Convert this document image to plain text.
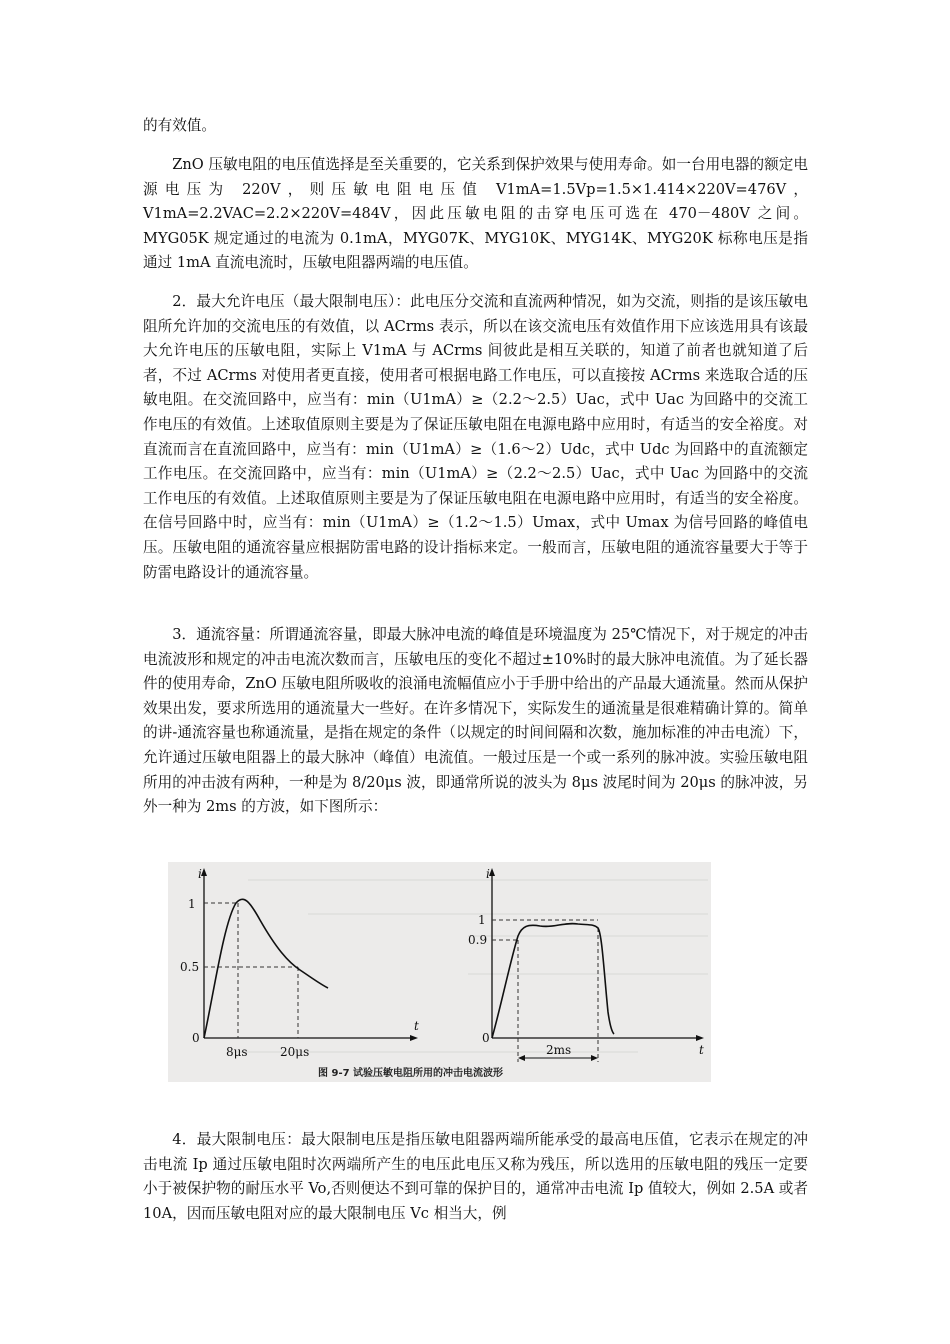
的有效值。

ZnO 压敏电阻的电压值选择是至关重要的，它关系到保护效果与使用寿命。如一台用电器的额定电源电压为 220V，则压敏电阻电压值 V1mA=1.5Vp=1.5×1.414×220V=476V，V1mA=2.2VAC=2.2×220V=484V，因此压敏电阻的击穿电压可选在 470－480V 之间。MYG05K 规定通过的电流为 0.1mA，MYG07K、MYG10K、MYG14K、MYG20K 标称电压是指通过 1mA 直流电流时，压敏电阻器两端的电压值。

2．最大允许电压（最大限制电压）：此电压分交流和直流两种情况，如为交流，则指的是该压敏电阻所允许加的交流电压的有效值，以 ACrms 表示，所以在该交流电压有效值作用下应该选用具有该最大允许电压的压敏电阻，实际上 V1mA 与 ACrms 间彼此是相互关联的，知道了前者也就知道了后者，不过 ACrms 对使用者更直接，使用者可根据电路工作电压，可以直接按 ACrms 来选取合适的压敏电阻。在交流回路中，应当有：min（U1mA）≥（2.2～2.5）Uac，式中 Uac 为回路中的交流工作电压的有效值。上述取值原则主要是为了保证压敏电阻在电源电路中应用时，有适当的安全裕度。对直流而言在直流回路中，应当有：min（U1mA）≥（1.6～2）Udc，式中 Udc 为回路中的直流额定工作电压。在交流回路中，应当有：min（U1mA）≥（2.2～2.5）Uac，式中 Uac 为回路中的交流工作电压的有效值。上述取值原则主要是为了保证压敏电阻在电源电路中应用时，有适当的安全裕度。在信号回路中时，应当有：min（U1mA）≥（1.2～1.5）Umax，式中 Umax 为信号回路的峰值电压。压敏电阻的通流容量应根据防雷电路的设计指标来定。一般而言，压敏电阻的通流容量要大于等于防雷电路设计的通流容量。

3．通流容量：所谓通流容量，即最大脉冲电流的峰值是环境温度为 25℃情况下，对于规定的冲击电流波形和规定的冲击电流次数而言，压敏电压的变化不超过±10%时的最大脉冲电流值。为了延长器件的使用寿命，ZnO 压敏电阻所吸收的浪涌电流幅值应小于手册中给出的产品最大通流量。然而从保护效果出发，要求所选用的通流量大一些好。在许多情况下，实际发生的通流量是很难精确计算的。简单的讲-通流容量也称通流量，是指在规定的条件（以规定的时间间隔和次数，施加标准的冲击电流）下，允许通过压敏电阻器上的最大脉冲（峰值）电流值。一般过压是一个或一系列的脉冲波。实验压敏电阻所用的冲击波有两种，一种是为 8/20μs 波，即通常所说的波头为 8μs 波尾时间为 20μs 的脉冲波，另外一种为 2ms 的方波，如下图所示：

i
t
0
1
0.5
8μs	20μs
i
t
0
1
0.9
2ms
图 9-7 试验压敏电阻所用的冲击电流波形

4．最大限制电压：最大限制电压是指压敏电阻器两端所能承受的最高电压值，它表示在规定的冲击电流 Ip 通过压敏电阻时次两端所产生的电压此电压又称为残压，所以选用的压敏电阻的残压一定要小于被保护物的耐压水平 Vo,否则便达不到可靠的保护目的，通常冲击电流 Ip 值较大，例如 2.5A 或者 10A，因而压敏电阻对应的最大限制电压 Vc 相当大，例
